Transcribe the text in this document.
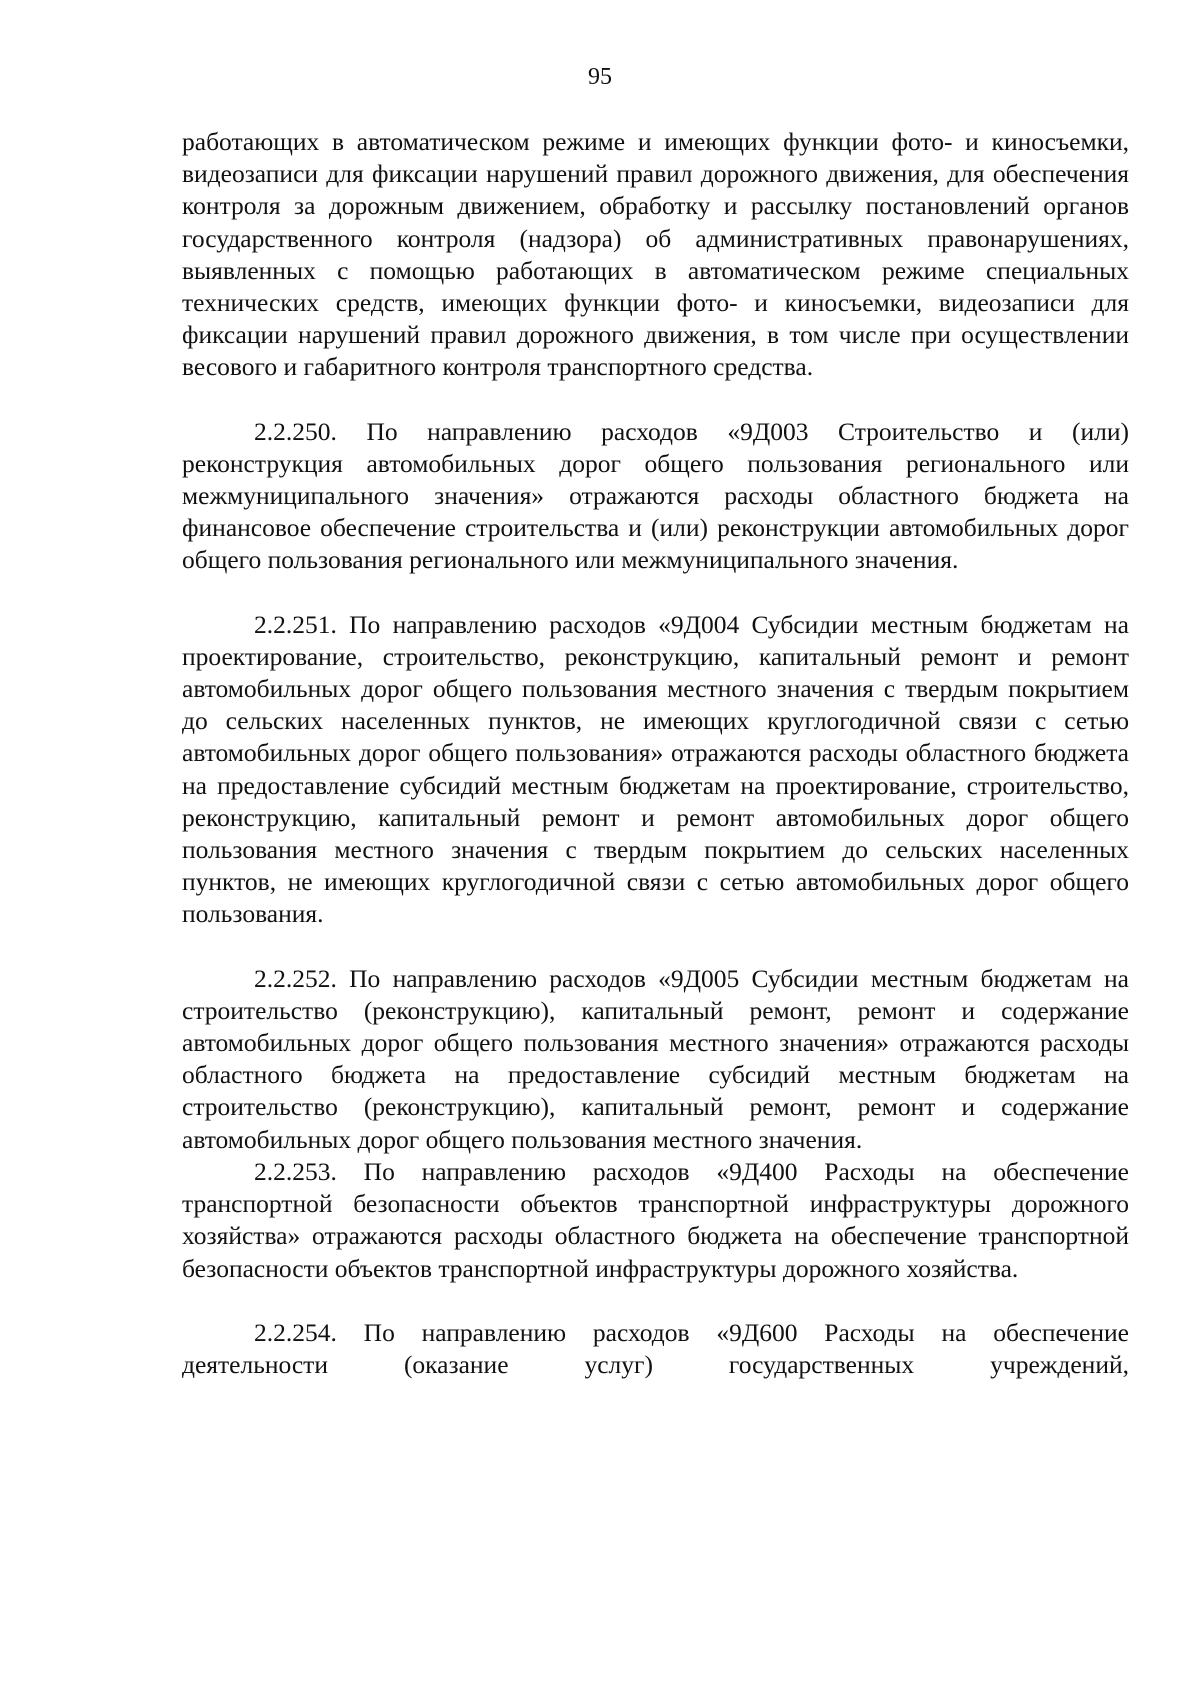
95

работающих в автоматическом режиме и имеющих функции фото- и киносъемки, видеозаписи для фиксации нарушений правил дорожного движения, для обеспечения контроля за дорожным движением, обработку и рассылку постановлений органов государственного контроля (надзора) об административных правонарушениях, выявленных с помощью работающих в автоматическом режиме специальных технических средств, имеющих функции фото- и киносъемки, видеозаписи для фиксации нарушений правил дорожного движения, в том числе при осуществлении весового и габаритного контроля транспортного средства.

2.2.250. По направлению расходов «9Д003 Строительство и (или) реконструкция автомобильных дорог общего пользования регионального или межмуниципального значения» отражаются расходы областного бюджета на финансовое обеспечение строительства и (или) реконструкции автомобильных дорог общего пользования регионального или межмуниципального значения.

2.2.251. По направлению расходов «9Д004 Субсидии местным бюджетам на проектирование, строительство, реконструкцию, капитальный ремонт и ремонт автомобильных дорог общего пользования местного значения с твердым покрытием до сельских населенных пунктов, не имеющих круглогодичной связи с сетью автомобильных дорог общего пользования» отражаются расходы областного бюджета на предоставление субсидий местным бюджетам на проектирование, строительство, реконструкцию, капитальный ремонт и ремонт автомобильных дорог общего пользования местного значения с твердым покрытием до сельских населенных пунктов, не имеющих круглогодичной связи с сетью автомобильных дорог общего пользования.

2.2.252. По направлению расходов «9Д005 Субсидии местным бюджетам на строительство (реконструкцию), капитальный ремонт, ремонт и содержание автомобильных дорог общего пользования местного значения» отражаются расходы областного бюджета на предоставление субсидий местным бюджетам на строительство (реконструкцию), капитальный ремонт, ремонт и содержание автомобильных дорог общего пользования местного значения.

2.2.253. По направлению расходов «9Д400 Расходы на обеспечение транспортной безопасности объектов транспортной инфраструктуры дорожного хозяйства» отражаются расходы областного бюджета на обеспечение транспортной безопасности объектов транспортной инфраструктуры дорожного хозяйства.

2.2.254. По направлению расходов «9Д600 Расходы на обеспечение деятельности (оказание услуг) государственных учреждений,
